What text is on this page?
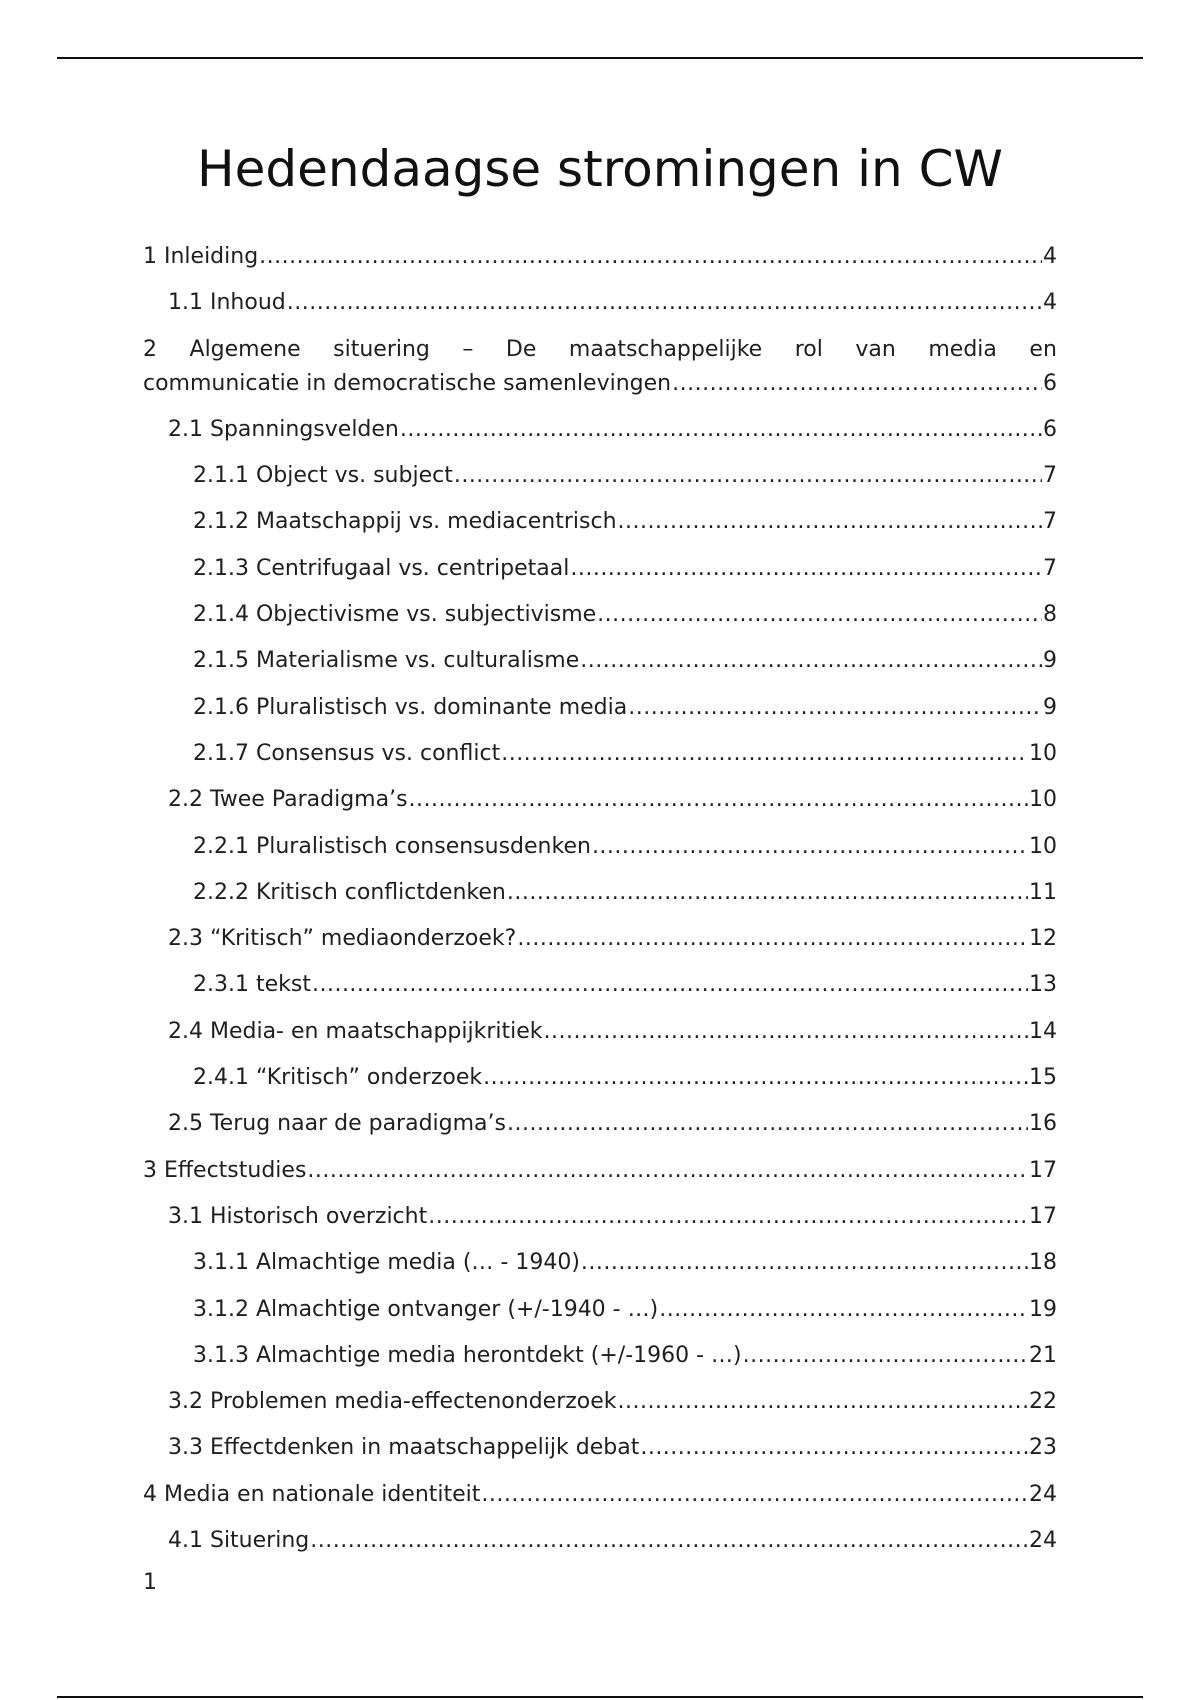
Hedendaagse stromingen in CW
1 Inleiding .....	4
1.1 Inhoud .....	4
2 Algemene situering – De maatschappelijke rol van media en
communicatie in democratische samenlevingen .....	6
2.1 Spanningsvelden .....	6
2.1.1 Object vs. subject .....	7
2.1.2 Maatschappij vs. mediacentrisch .....	7
2.1.3 Centrifugaal vs. centripetaal .....	7
2.1.4 Objectivisme vs. subjectivisme .....	8
2.1.5 Materialisme vs. culturalisme .....	9
2.1.6 Pluralistisch vs. dominante media .....	9
2.1.7 Consensus vs. conflict .....	10
2.2 Twee Paradigma’s .....	10
2.2.1 Pluralistisch consensusdenken .....	10
2.2.2 Kritisch conflictdenken .....	11
2.3 “Kritisch” mediaonderzoek? .....	12
2.3.1 tekst .....	13
2.4 Media- en maatschappijkritiek .....	14
2.4.1 “Kritisch” onderzoek .....	15
2.5 Terug naar de paradigma’s .....	16
3 Effectstudies .....	17
3.1 Historisch overzicht .....	17
3.1.1 Almachtige media (… - 1940) .....	18
3.1.2 Almachtige ontvanger (+/-1940 - …) .....	19
3.1.3 Almachtige media herontdekt (+/-1960 - …) .....	21
3.2 Problemen media-effectenonderzoek .....	22
3.3 Effectdenken in maatschappelijk debat .....	23
4 Media en nationale identiteit .....	24
4.1 Situering .....	24
1
